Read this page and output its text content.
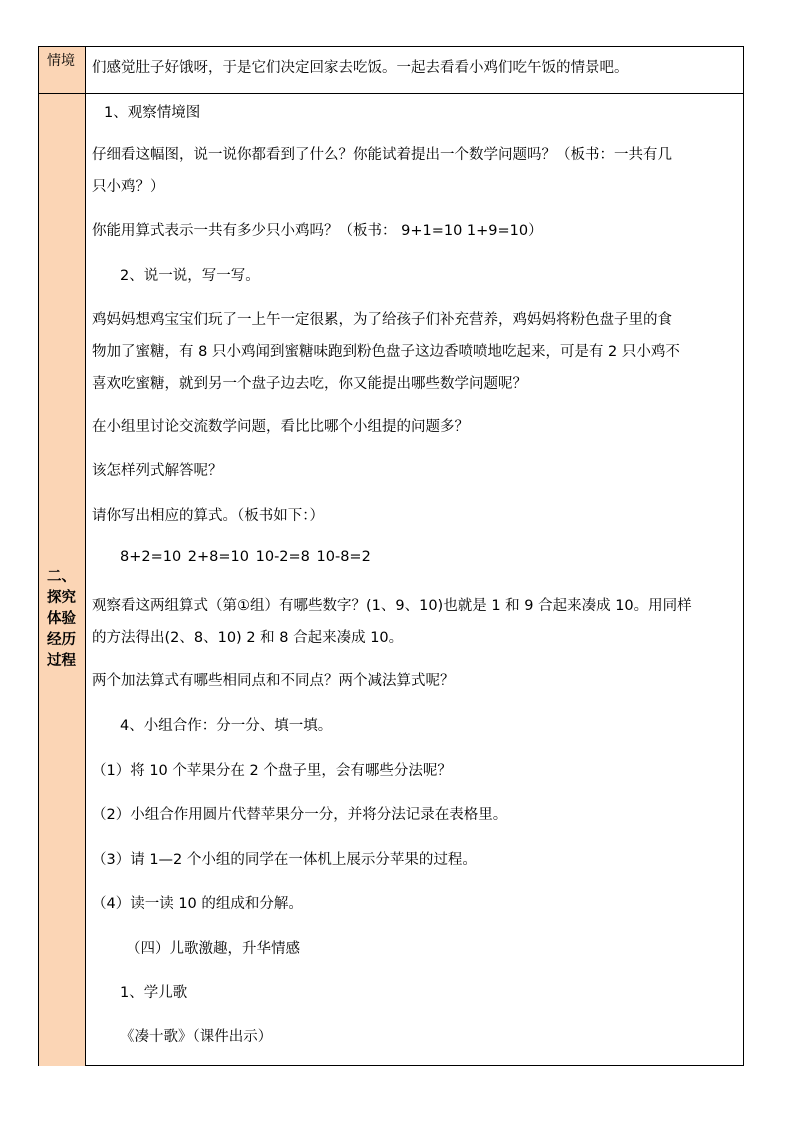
情境 们感觉肚子好饿呀，于是它们决定回家去吃饭。一起去看看小鸡们吃午饭的情景吧。
二、
探究
体验
经历
过程
1、观察情境图
仔细看这幅图，说一说你都看到了什么？你能试着提出一个数学问题吗？（板书：一共有几
只小鸡？）
你能用算式表示一共有多少只小鸡吗？（板书： 9+1=10 1+9=10）
2、说一说，写一写。
鸡妈妈想鸡宝宝们玩了一上午一定很累，为了给孩子们补充营养，鸡妈妈将粉色盘子里的食
物加了蜜糖，有 8 只小鸡闻到蜜糖味跑到粉色盘子这边香喷喷地吃起来，可是有 2 只小鸡不
喜欢吃蜜糖，就到另一个盘子边去吃，你又能提出哪些数学问题呢？
在小组里讨论交流数学问题，看比比哪个小组提的问题多？
该怎样列式解答呢？
请你写出相应的算式。（板书如下：）
8+2=10 2+8=10 10-2=8 10-8=2
观察看这两组算式（第①组）有哪些数字？(1、9、10)也就是 1 和 9 合起来凑成 10。用同样
的方法得出(2、8、10) 2 和 8 合起来凑成 10。
两个加法算式有哪些相同点和不同点？两个减法算式呢？
4、小组合作：分一分、填一填。
（1）将 10 个苹果分在 2 个盘子里，会有哪些分法呢？
（2）小组合作用圆片代替苹果分一分，并将分法记录在表格里。
（3）请 1—2 个小组的同学在一体机上展示分苹果的过程。
（4）读一读 10 的组成和分解。
（四）儿歌激趣，升华情感
1、学儿歌
《凑十歌》（课件出示）
